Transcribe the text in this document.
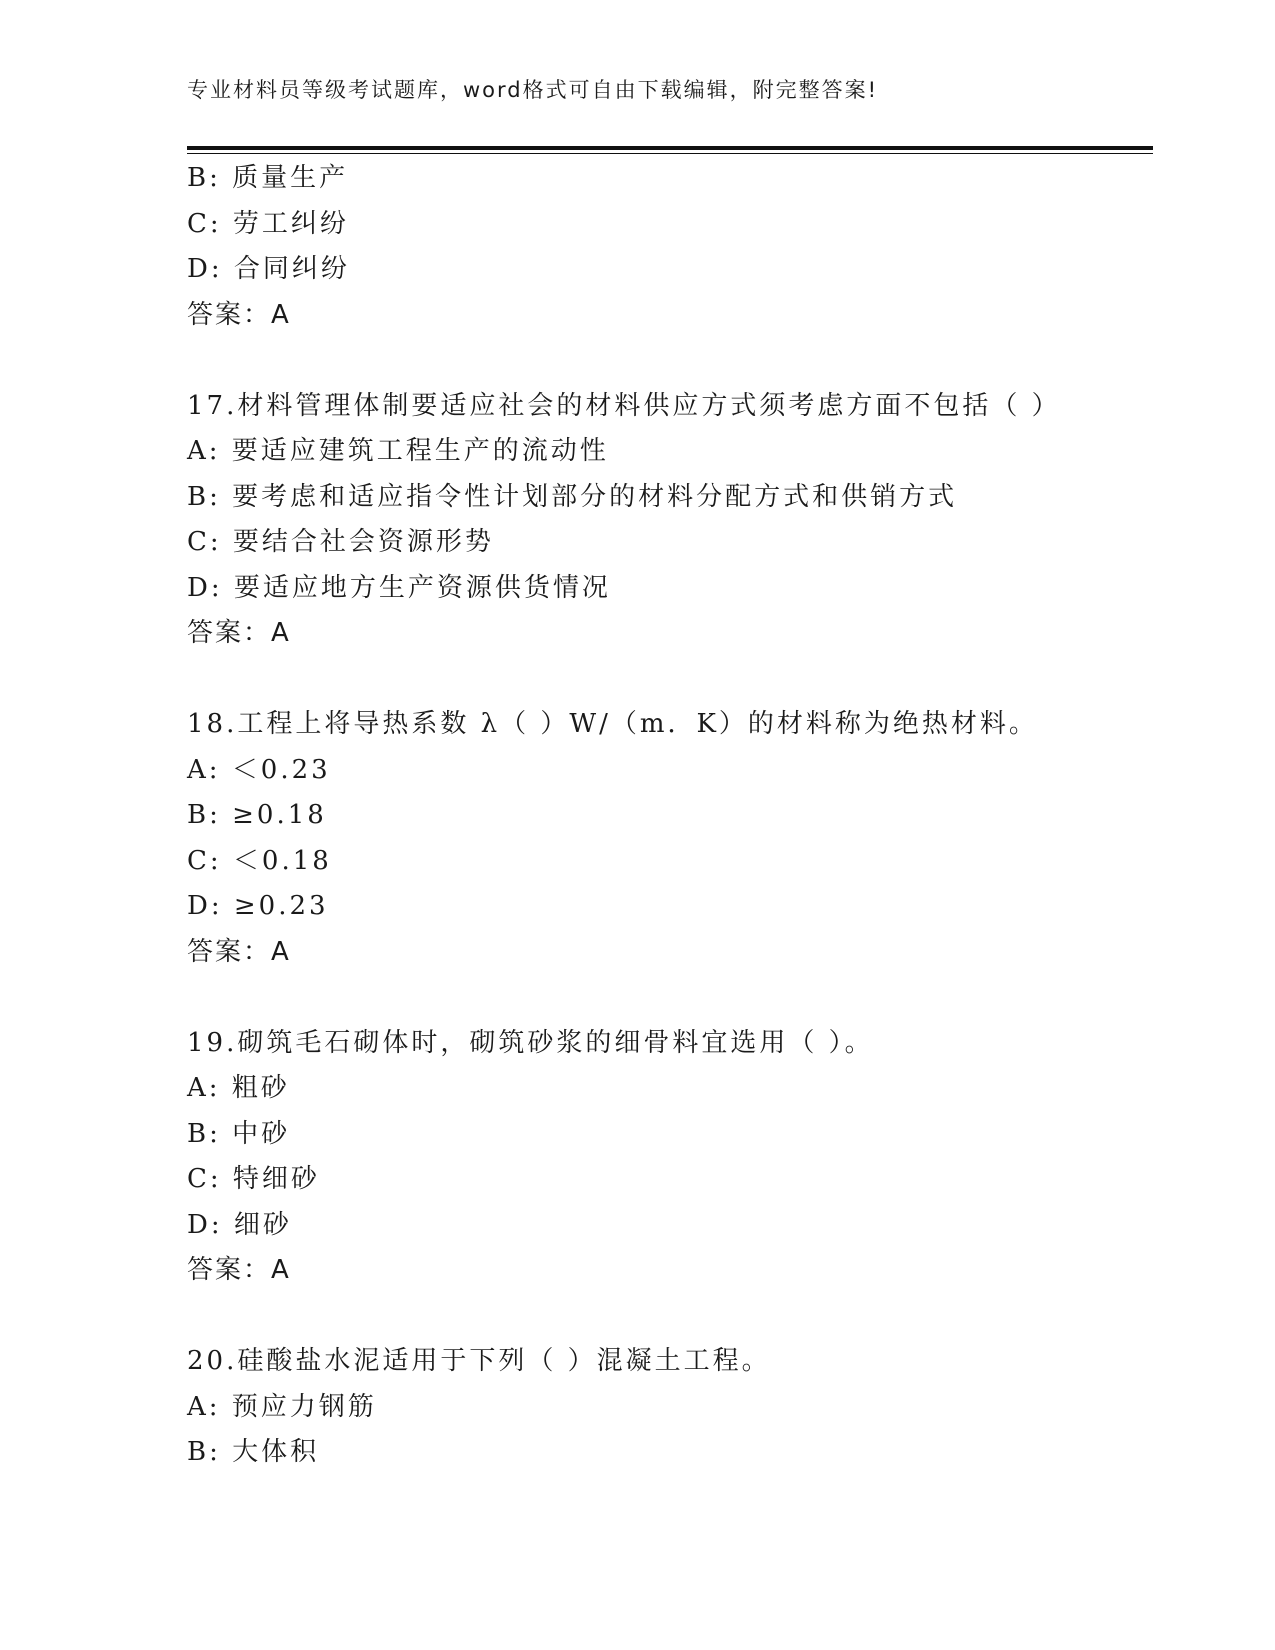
专业材料员等级考试题库，word格式可自由下载编辑，附完整答案!
B: 质量生产
C: 劳工纠纷
D: 合同纠纷
答案：A
17.材料管理体制要适应社会的材料供应方式须考虑方面不包括（ ）
A: 要适应建筑工程生产的流动性
B: 要考虑和适应指令性计划部分的材料分配方式和供销方式
C: 要结合社会资源形势
D: 要适应地方生产资源供货情况
答案：A
18.工程上将导热系数 λ（ ）W/（m．K）的材料称为绝热材料。
A: ＜0.23
B: ≥0.18
C: ＜0.18
D: ≥0.23
答案：A
19.砌筑毛石砌体时，砌筑砂浆的细骨料宜选用（ ）。
A: 粗砂
B: 中砂
C: 特细砂
D: 细砂
答案：A
20.硅酸盐水泥适用于下列（ ）混凝土工程。
A: 预应力钢筋
B: 大体积
